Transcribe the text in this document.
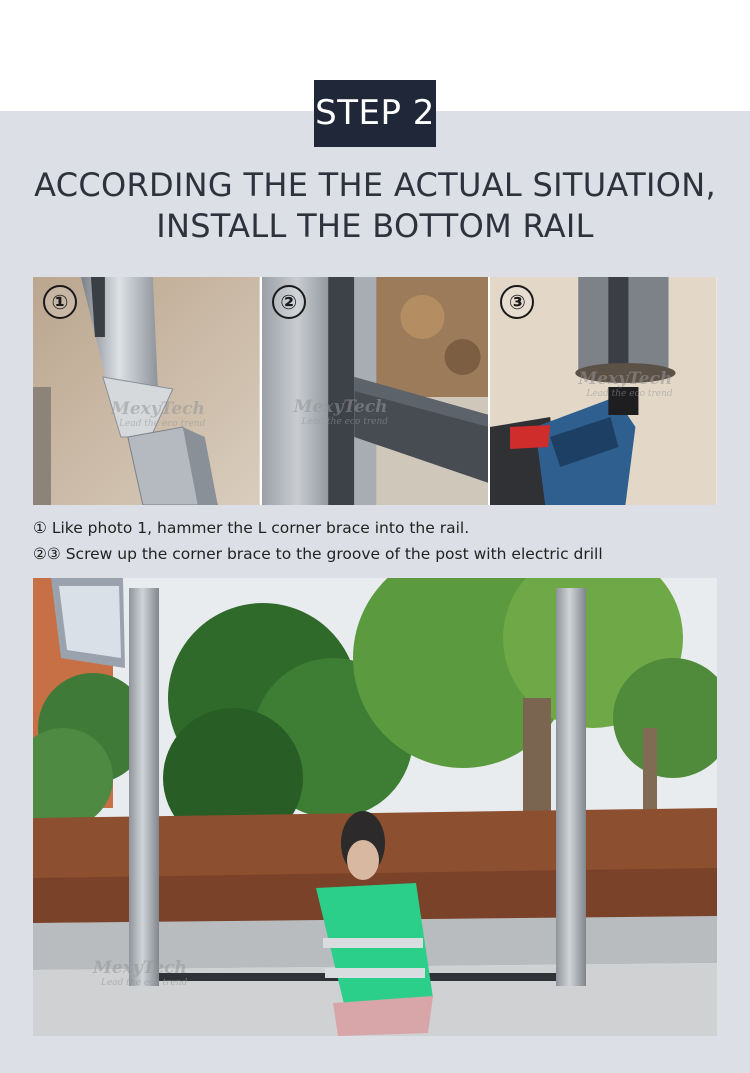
STEP 2
ACCORDING THE THE ACTUAL SITUATION,
INSTALL THE BOTTOM RAIL
①
MexyTech
Lead the eco trend
②
MexyTech
Lead the eco trend
③
MexyTech
Lead the eco trend
① Like photo 1, hammer the L corner brace into the rail.
②③ Screw up the corner brace to the groove of the post with electric drill
MexyTech
Lead the eco trend
